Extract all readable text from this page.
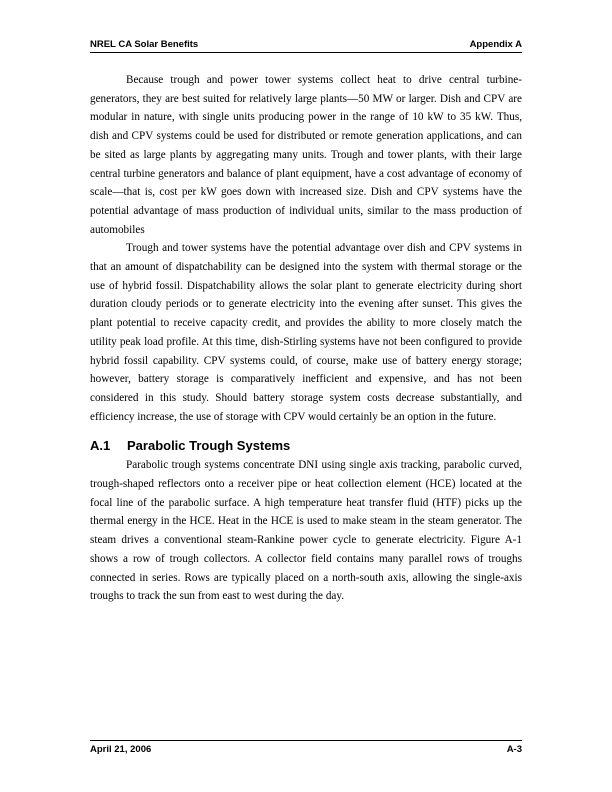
NREL CA Solar Benefits	Appendix A

Because trough and power tower systems collect heat to drive central turbine-generators, they are best suited for relatively large plants—50 MW or larger. Dish and CPV are modular in nature, with single units producing power in the range of 10 kW to 35 kW. Thus, dish and CPV systems could be used for distributed or remote generation applications, and can be sited as large plants by aggregating many units. Trough and tower plants, with their large central turbine generators and balance of plant equipment, have a cost advantage of economy of scale—that is, cost per kW goes down with increased size. Dish and CPV systems have the potential advantage of mass production of individual units, similar to the mass production of automobiles

Trough and tower systems have the potential advantage over dish and CPV systems in that an amount of dispatchability can be designed into the system with thermal storage or the use of hybrid fossil. Dispatchability allows the solar plant to generate electricity during short duration cloudy periods or to generate electricity into the evening after sunset. This gives the plant potential to receive capacity credit, and provides the ability to more closely match the utility peak load profile. At this time, dish-Stirling systems have not been configured to provide hybrid fossil capability. CPV systems could, of course, make use of battery energy storage; however, battery storage is comparatively inefficient and expensive, and has not been considered in this study. Should battery storage system costs decrease substantially, and efficiency increase, the use of storage with CPV would certainly be an option in the future.

A.1	Parabolic Trough Systems

Parabolic trough systems concentrate DNI using single axis tracking, parabolic curved, trough-shaped reflectors onto a receiver pipe or heat collection element (HCE) located at the focal line of the parabolic surface. A high temperature heat transfer fluid (HTF) picks up the thermal energy in the HCE. Heat in the HCE is used to make steam in the steam generator. The steam drives a conventional steam-Rankine power cycle to generate electricity. Figure A-1 shows a row of trough collectors. A collector field contains many parallel rows of troughs connected in series. Rows are typically placed on a north-south axis, allowing the single-axis troughs to track the sun from east to west during the day.

April 21, 2006	A-3
